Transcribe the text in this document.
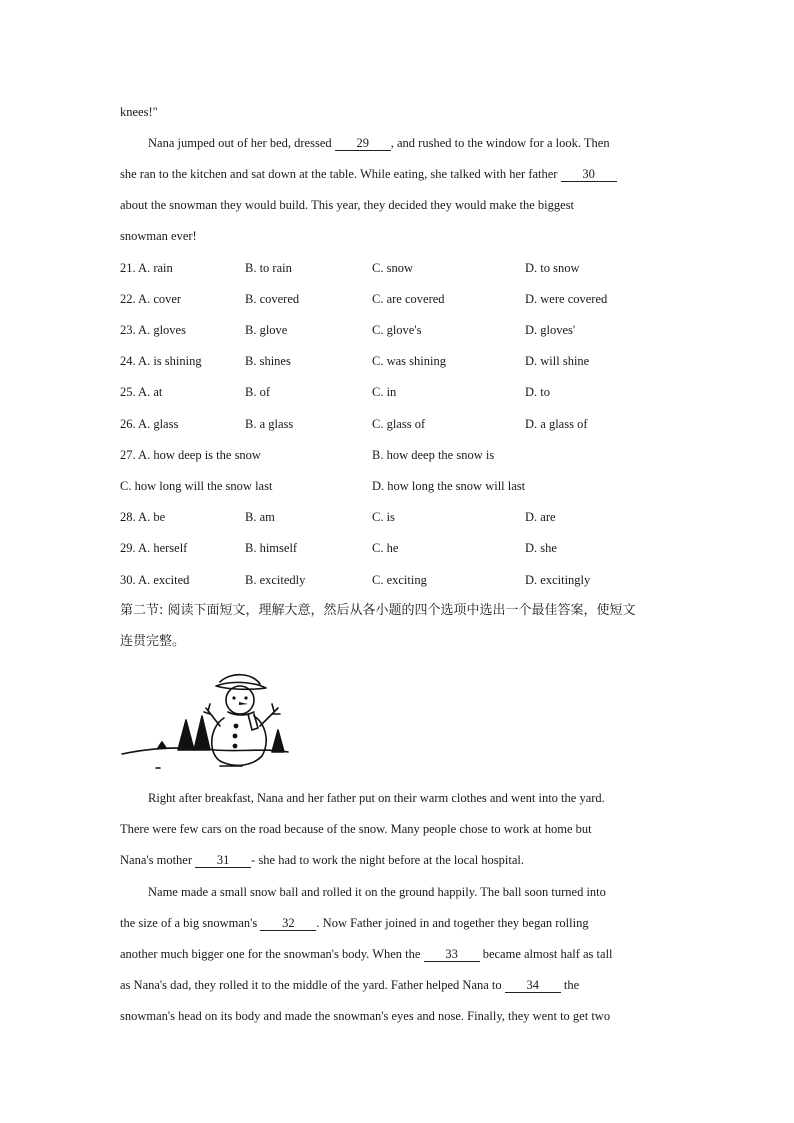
knees!"
Nana jumped out of her bed, dressed 29 , and rushed to the window for a look. Then
she ran to the kitchen and sat down at the table. While eating, she talked with her father 30
about the snowman they would build. This year, they decided they would make the biggest
snowman ever!
21. A. rain	B. to rain	C. snow	D. to snow
22. A. cover	B. covered	C. are covered	D. were covered
23. A. gloves	B. glove	C. glove's	D. gloves'
24. A. is shining	B. shines	C. was shining	D. will shine
25. A. at	B. of	C. in	D. to
26. A. glass	B. a glass	C. glass of	D. a glass of
27. A. how deep is the snow	B. how deep the snow is
C. how long will the snow last	D. how long the snow will last
28. A. be	B. am	C. is	D. are
29. A. herself	B. himself	C. he	D. she
30. A. excited	B. excitedly	C. exciting	D. excitingly
第二节: 阅读下面短文，理解大意，然后从各小题的四个选项中选出一个最佳答案，使短文
连贯完整。
Right after breakfast, Nana and her father put on their warm clothes and went into the yard.
There were few cars on the road because of the snow. Many people chose to work at home but
Nana's mother 31 - she had to work the night before at the local hospital.
Name made a small snow ball and rolled it on the ground happily. The ball soon turned into
the size of a big snowman's 32 . Now Father joined in and together they began rolling
another much bigger one for the snowman's body. When the 33 became almost half as tall
as Nana's dad, they rolled it to the middle of the yard. Father helped Nana to 34 the
snowman's head on its body and made the snowman's eyes and nose. Finally, they went to get two
